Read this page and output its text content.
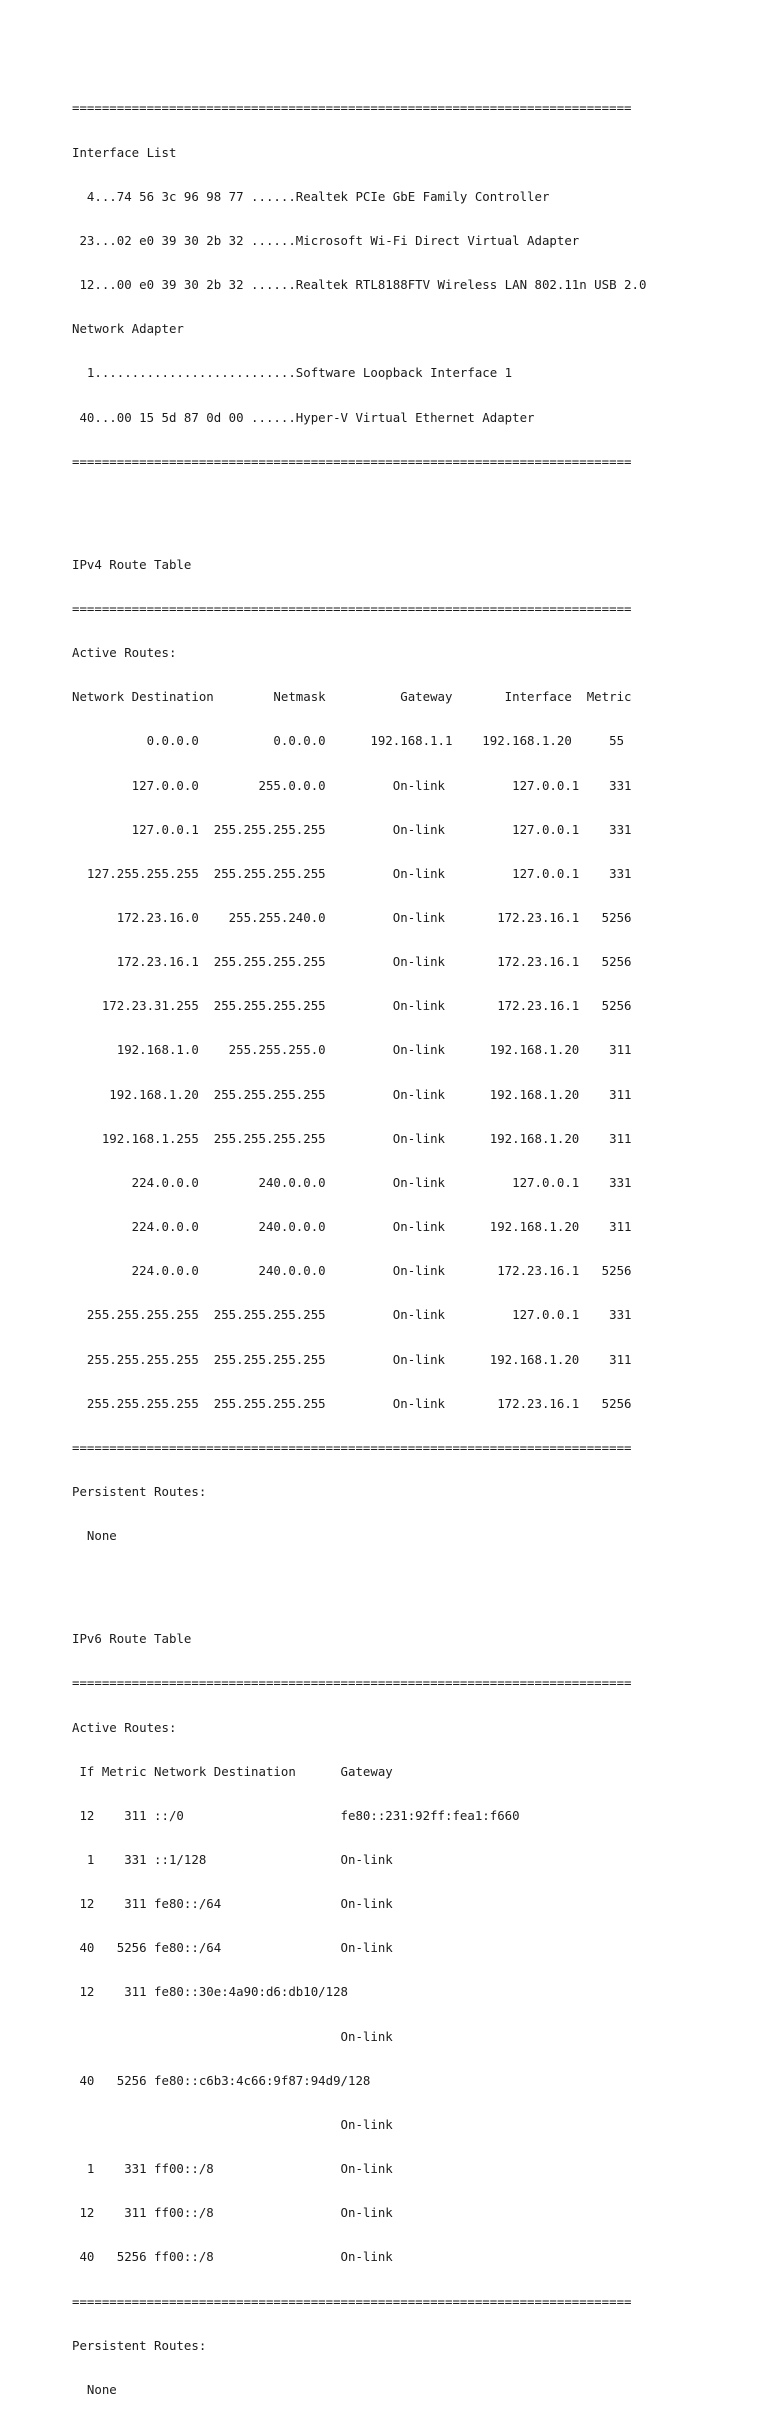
===========================================================================

Interface List

4...74 56 3c 96 98 77 ......Realtek PCIe GbE Family Controller

23...02 e0 39 30 2b 32 ......Microsoft Wi-Fi Direct Virtual Adapter

12...00 e0 39 30 2b 32 ......Realtek RTL8188FTV Wireless LAN 802.11n USB 2.0

Network Adapter

1...........................Software Loopback Interface 1

40...00 15 5d 87 0d 00 ......Hyper-V Virtual Ethernet Adapter

===========================================================================

IPv4 Route Table

===========================================================================

Active Routes:

Network Destination        Netmask          Gateway       Interface  Metric

0.0.0.0          0.0.0.0      192.168.1.1    192.168.1.20     55

127.0.0.0        255.0.0.0         On-link         127.0.0.1    331

127.0.0.1  255.255.255.255         On-link         127.0.0.1    331

127.255.255.255  255.255.255.255         On-link         127.0.0.1    331

172.23.16.0    255.255.240.0         On-link       172.23.16.1   5256

172.23.16.1  255.255.255.255         On-link       172.23.16.1   5256

172.23.31.255  255.255.255.255         On-link       172.23.16.1   5256

192.168.1.0    255.255.255.0         On-link      192.168.1.20    311

192.168.1.20  255.255.255.255         On-link      192.168.1.20    311

192.168.1.255  255.255.255.255         On-link      192.168.1.20    311

224.0.0.0        240.0.0.0         On-link         127.0.0.1    331

224.0.0.0        240.0.0.0         On-link      192.168.1.20    311

224.0.0.0        240.0.0.0         On-link       172.23.16.1   5256

255.255.255.255  255.255.255.255         On-link         127.0.0.1    331

255.255.255.255  255.255.255.255         On-link      192.168.1.20    311

255.255.255.255  255.255.255.255         On-link       172.23.16.1   5256

===========================================================================

Persistent Routes:

None

IPv6 Route Table

===========================================================================

Active Routes:

If Metric Network Destination      Gateway

12    311 ::/0                     fe80::231:92ff:fea1:f660

1    331 ::1/128                  On-link

12    311 fe80::/64                On-link

40   5256 fe80::/64                On-link

12    311 fe80::30e:4a90:d6:db10/128

On-link

40   5256 fe80::c6b3:4c66:9f87:94d9/128

On-link

1    331 ff00::/8                 On-link

12    311 ff00::/8                 On-link

40   5256 ff00::/8                 On-link

===========================================================================

Persistent Routes:

None
